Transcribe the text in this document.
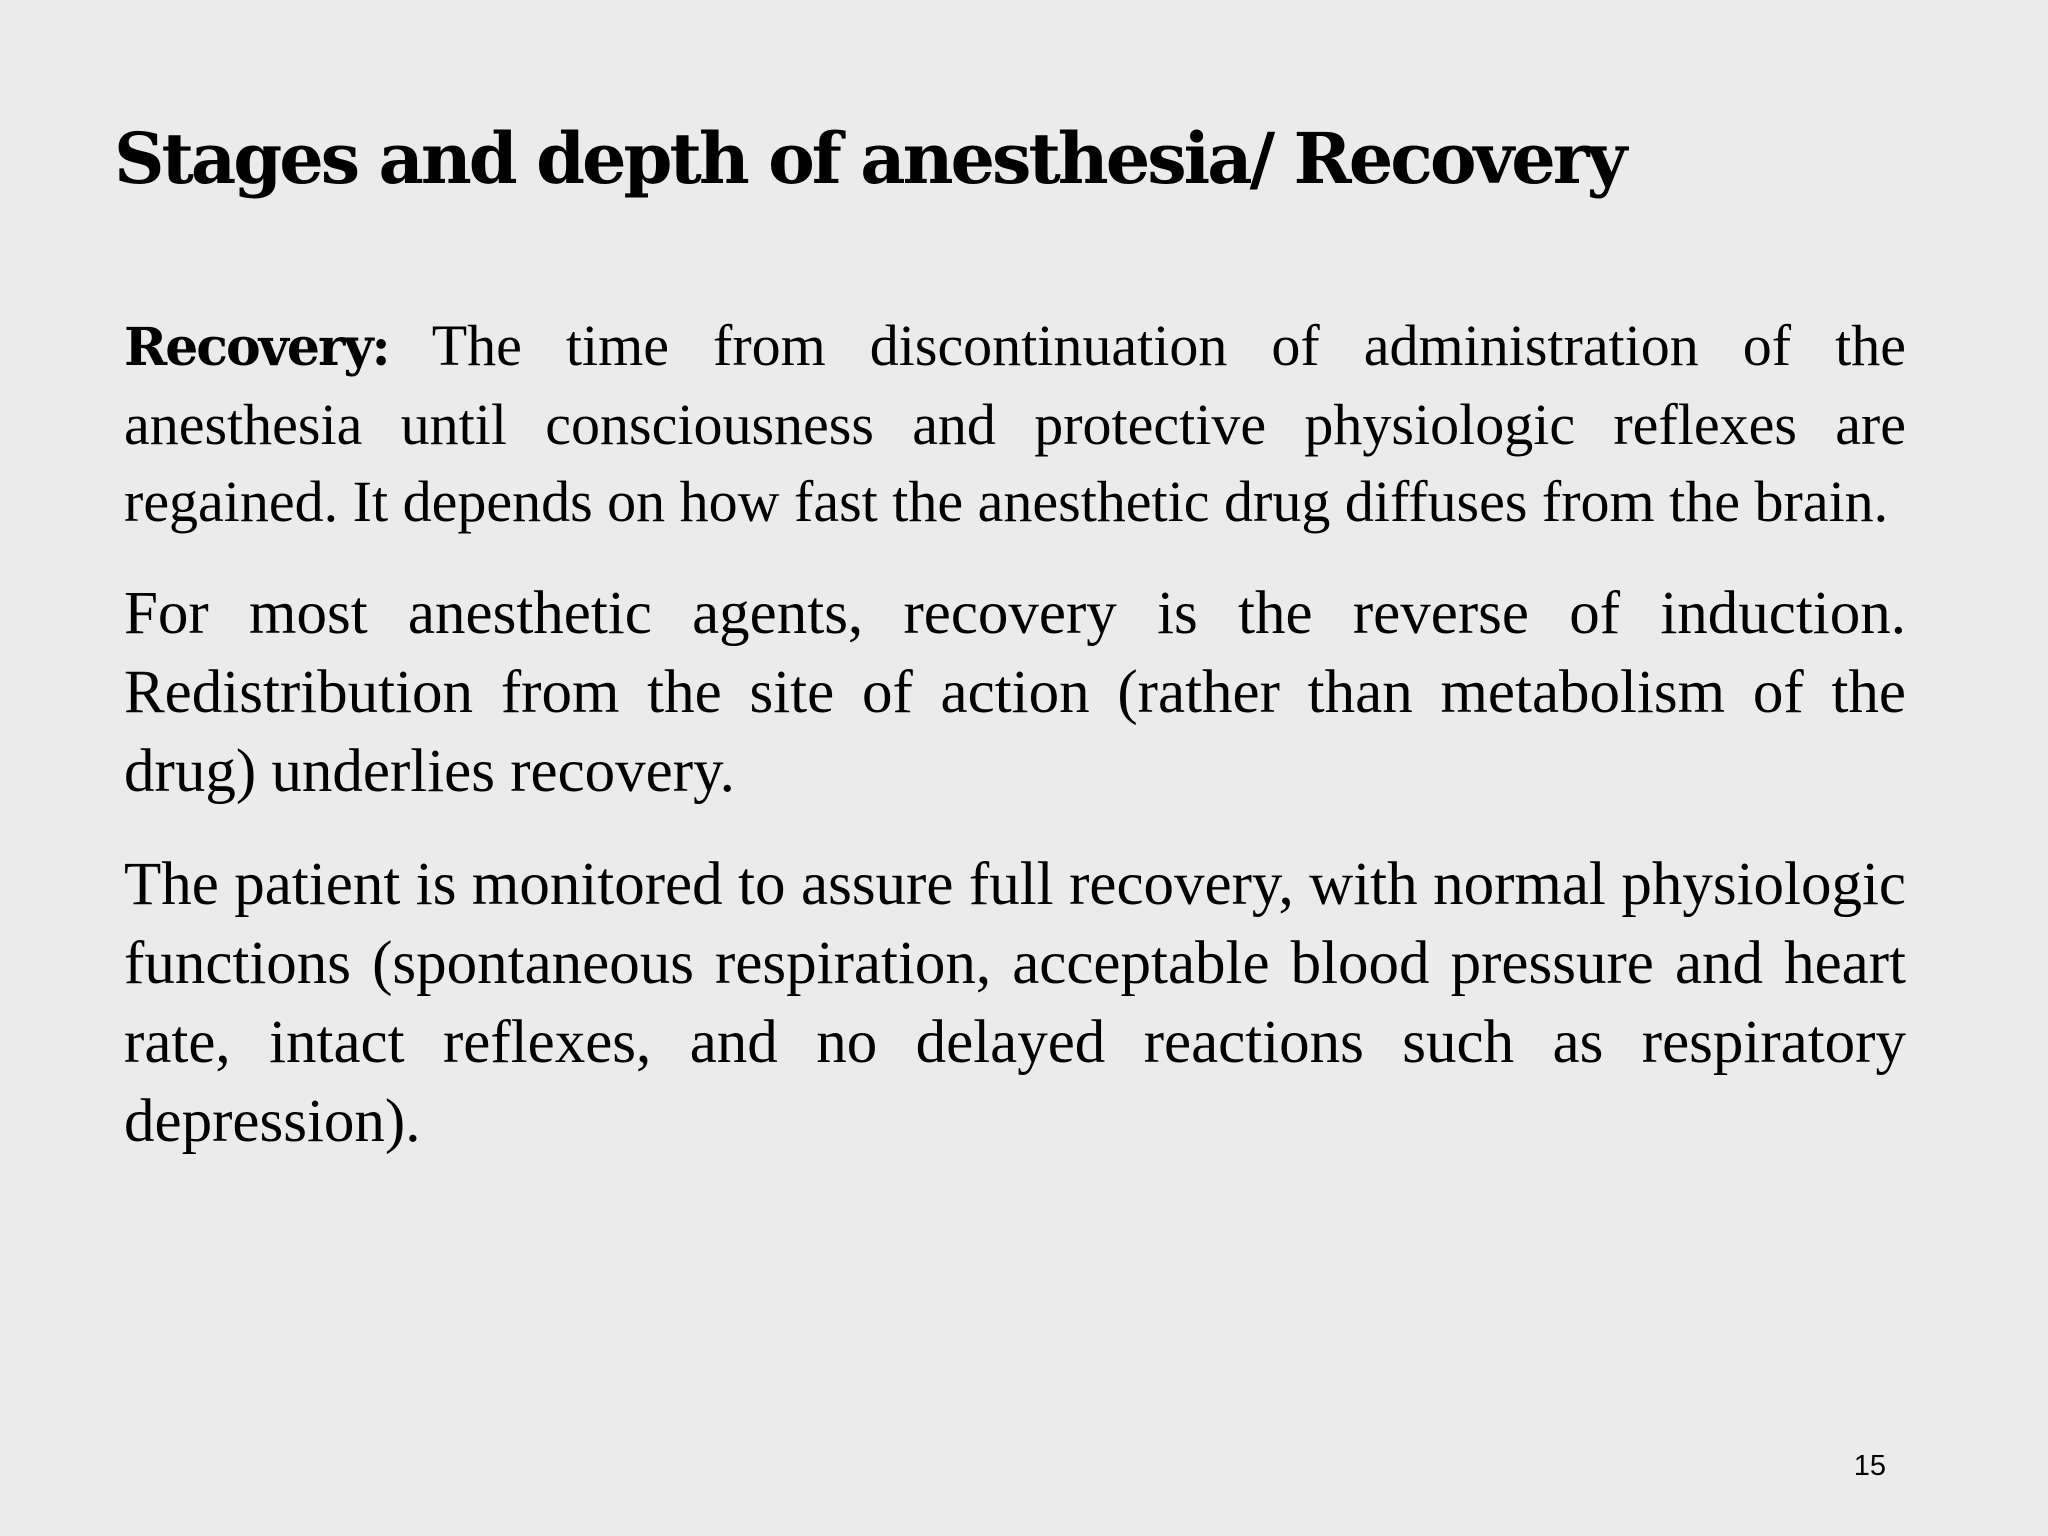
Stages and depth of anesthesia/ Recovery

Recovery: The time from discontinuation of administration of the anesthesia until consciousness and protective physiologic reflexes are regained. It depends on how fast the anesthetic drug diffuses from the brain.

For most anesthetic agents, recovery is the reverse of induction. Redistribution from the site of action (rather than metabolism of the drug) underlies recovery.

The patient is monitored to assure full recovery, with normal physiologic functions (spontaneous respiration, acceptable blood pressure and heart rate, intact reflexes, and no delayed reactions such as respiratory depression).

15
